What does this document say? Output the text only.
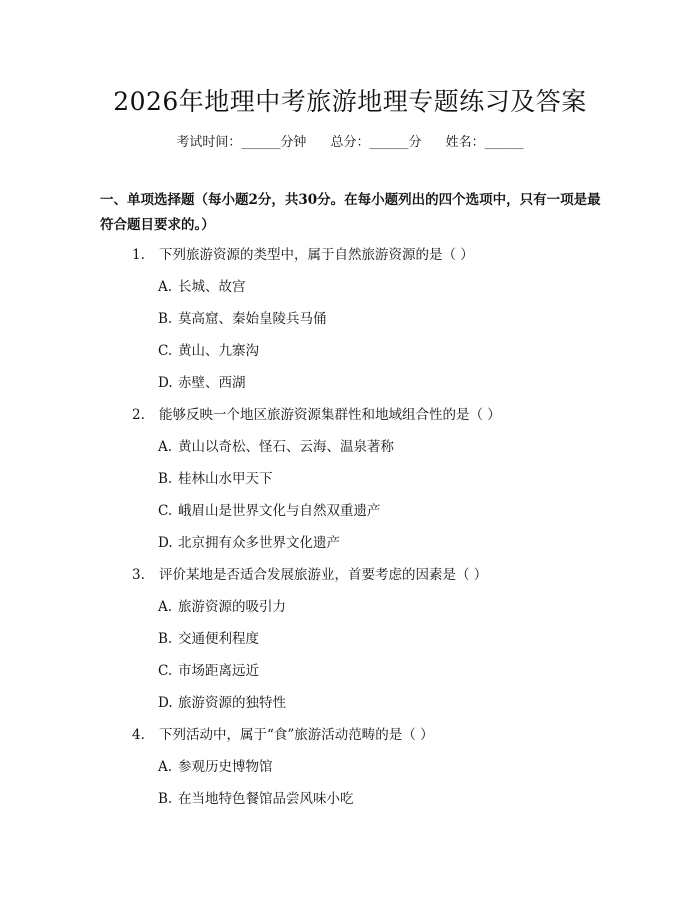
2026年地理中考旅游地理专题练习及答案
考试时间：______分钟 总分：______分 姓名：______
一、单项选择题（每小题2分，共30分。在每小题列出的四个选项中，只有一项是最符合题目要求的。）
1. 下列旅游资源的类型中，属于自然旅游资源的是（ ）
A. 长城、故宫
B. 莫高窟、秦始皇陵兵马俑
C. 黄山、九寨沟
D. 赤壁、西湖
2. 能够反映一个地区旅游资源集群性和地域组合性的是（ ）
A. 黄山以奇松、怪石、云海、温泉著称
B. 桂林山水甲天下
C. 峨眉山是世界文化与自然双重遗产
D. 北京拥有众多世界文化遗产
3. 评价某地是否适合发展旅游业，首要考虑的因素是（ ）
A. 旅游资源的吸引力
B. 交通便利程度
C. 市场距离远近
D. 旅游资源的独特性
4. 下列活动中，属于“食”旅游活动范畴的是（ ）
A. 参观历史博物馆
B. 在当地特色餐馆品尝风味小吃
